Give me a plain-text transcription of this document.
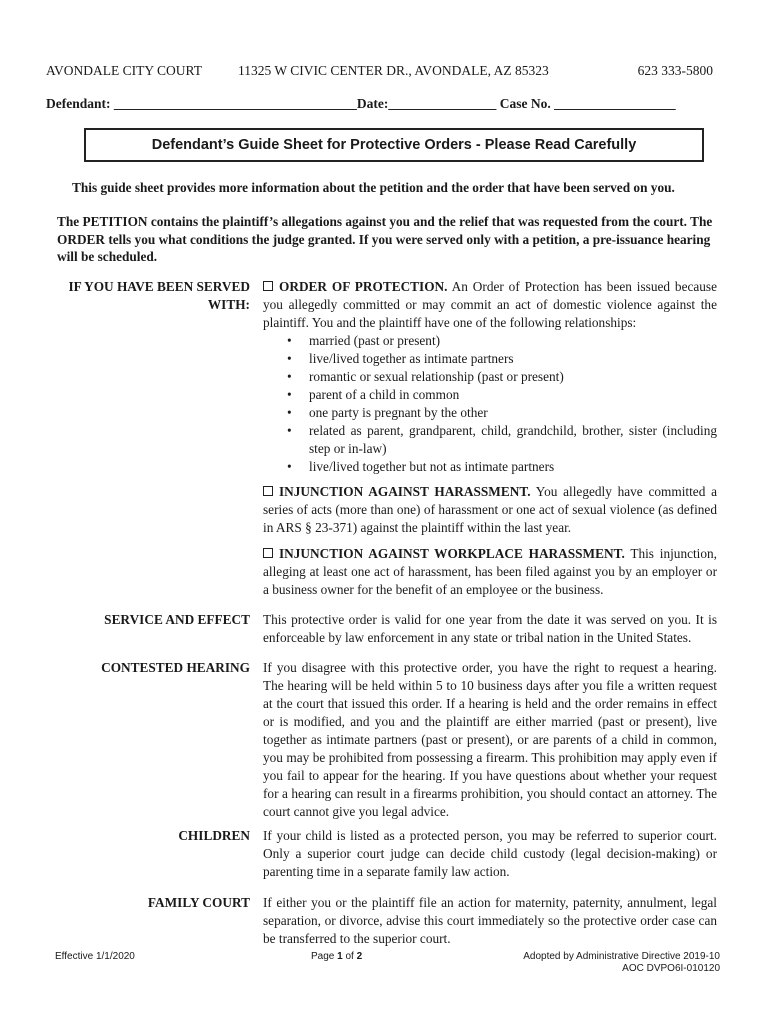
AVONDALE CITY COURT	11325 W CIVIC CENTER DR., AVONDALE, AZ 85323	623 333-5800
Defendant: ____________________________________Date:________________ Case No. __________________
Defendant’s Guide Sheet for Protective Orders - Please Read Carefully
This guide sheet provides more information about the petition and the order that have been served on you.
The PETITION contains the plaintiff’s allegations against you and the relief that was requested from the court. The ORDER tells you what conditions the judge granted. If you were served only with a petition, a pre-issuance hearing will be scheduled.
IF YOU HAVE BEEN SERVED WITH:
ORDER OF PROTECTION. An Order of Protection has been issued because you allegedly committed or may commit an act of domestic violence against the plaintiff. You and the plaintiff have one of the following relationships:
• married (past or present)
• live/lived together as intimate partners
• romantic or sexual relationship (past or present)
• parent of a child in common
• one party is pregnant by the other
• related as parent, grandparent, child, grandchild, brother, sister (including step or in-law)
• live/lived together but not as intimate partners
INJUNCTION AGAINST HARASSMENT. You allegedly have committed a series of acts (more than one) of harassment or one act of sexual violence (as defined in ARS § 23-371) against the plaintiff within the last year.
INJUNCTION AGAINST WORKPLACE HARASSMENT. This injunction, alleging at least one act of harassment, has been filed against you by an employer or a business owner for the benefit of an employee or the business.
SERVICE AND EFFECT This protective order is valid for one year from the date it was served on you. It is enforceable by law enforcement in any state or tribal nation in the United States.
CONTESTED HEARING If you disagree with this protective order, you have the right to request a hearing. The hearing will be held within 5 to 10 business days after you file a written request at the court that issued this order. If a hearing is held and the order remains in effect or is modified, and you and the plaintiff are either married (past or present), live together as intimate partners (past or present), or are parents of a child in common, you may be prohibited from possessing a firearm. This prohibition may apply even if you fail to appear for the hearing. If you have questions about whether your request for a hearing can result in a firearms prohibition, you should contact an attorney. The court cannot give you legal advice.
CHILDREN If your child is listed as a protected person, you may be referred to superior court. Only a superior court judge can decide child custody (legal decision-making) or parenting time in a separate family law action.
FAMILY COURT If either you or the plaintiff file an action for maternity, paternity, annulment, legal separation, or divorce, advise this court immediately so the protective order case can be transferred to the superior court.
Effective 1/1/2020	Page 1 of 2	Adopted by Administrative Directive 2019-10
AOC DVPO6I-010120
